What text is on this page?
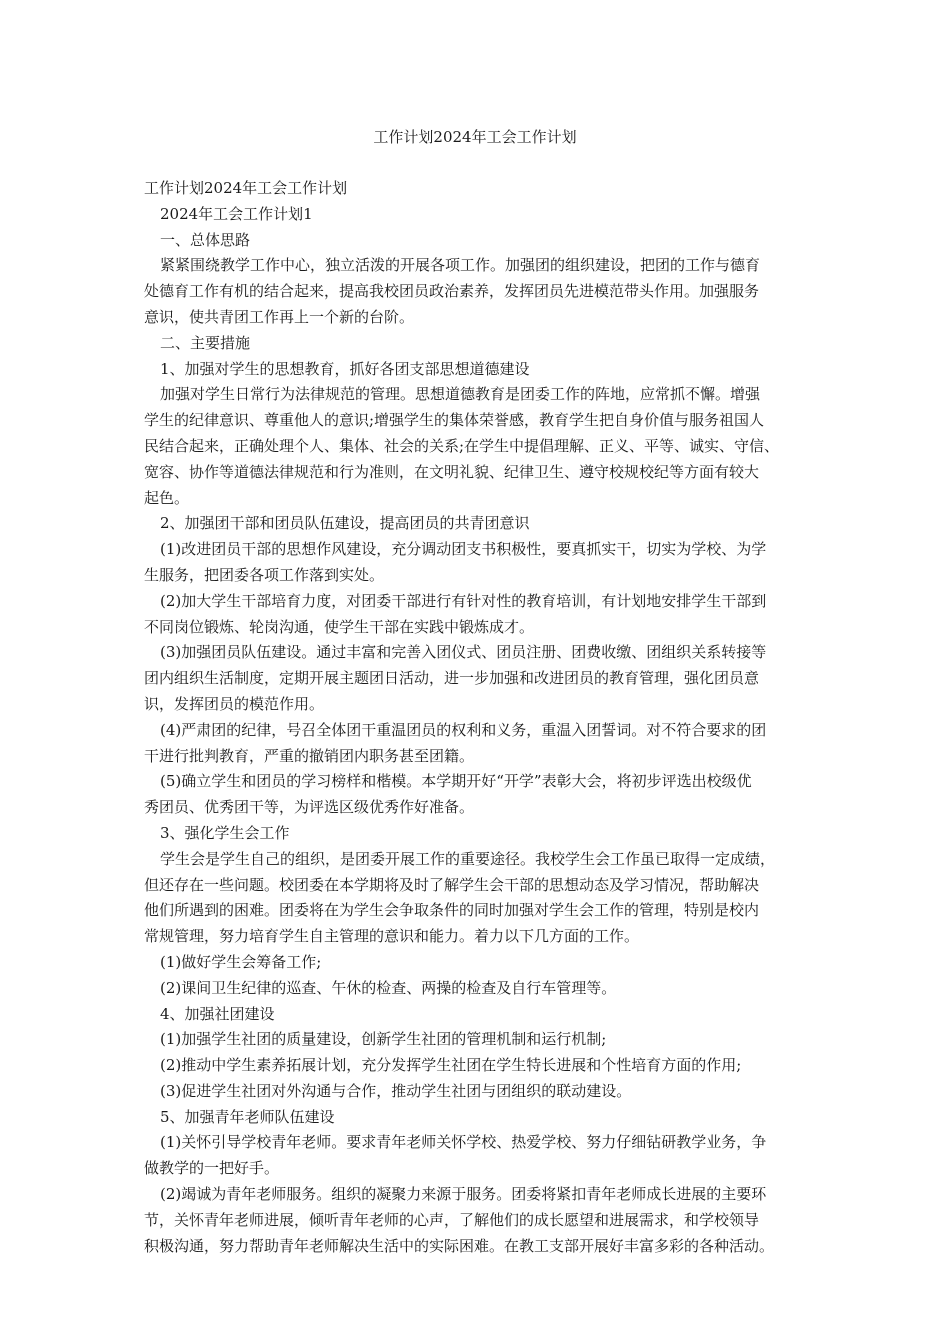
工作计划2024年工会工作计划
工作计划2024年工会工作计划
2024年工会工作计划1
一、总体思路
紧紧围绕教学工作中心，独立活泼的开展各项工作。加强团的组织建设，把团的工作与德育
处德育工作有机的结合起来，提高我校团员政治素养，发挥团员先进模范带头作用。加强服务
意识，使共青团工作再上一个新的台阶。
二、主要措施
1、加强对学生的思想教育，抓好各团支部思想道德建设
加强对学生日常行为法律规范的管理。思想道德教育是团委工作的阵地，应常抓不懈。增强
学生的纪律意识、尊重他人的意识;增强学生的集体荣誉感，教育学生把自身价值与服务祖国人
民结合起来，正确处理个人、集体、社会的关系;在学生中提倡理解、正义、平等、诚实、守信、
宽容、协作等道德法律规范和行为准则，在文明礼貌、纪律卫生、遵守校规校纪等方面有较大
起色。
2、加强团干部和团员队伍建设，提高团员的共青团意识
(1)改进团员干部的思想作风建设，充分调动团支书积极性，要真抓实干，切实为学校、为学
生服务，把团委各项工作落到实处。
(2)加大学生干部培育力度，对团委干部进行有针对性的教育培训，有计划地安排学生干部到
不同岗位锻炼、轮岗沟通，使学生干部在实践中锻炼成才。
(3)加强团员队伍建设。通过丰富和完善入团仪式、团员注册、团费收缴、团组织关系转接等
团内组织生活制度，定期开展主题团日活动，进一步加强和改进团员的教育管理，强化团员意
识，发挥团员的模范作用。
(4)严肃团的纪律，号召全体团干重温团员的权利和义务，重温入团誓词。对不符合要求的团
干进行批判教育，严重的撤销团内职务甚至团籍。
(5)确立学生和团员的学习榜样和楷模。本学期开好“开学”表彰大会，将初步评选出校级优
秀团员、优秀团干等，为评选区级优秀作好准备。
3、强化学生会工作
学生会是学生自己的组织，是团委开展工作的重要途径。我校学生会工作虽已取得一定成绩，
但还存在一些问题。校团委在本学期将及时了解学生会干部的思想动态及学习情况，帮助解决
他们所遇到的困难。团委将在为学生会争取条件的同时加强对学生会工作的管理，特别是校内
常规管理，努力培育学生自主管理的意识和能力。着力以下几方面的工作。
(1)做好学生会筹备工作;
(2)课间卫生纪律的巡查、午休的检查、两操的检查及自行车管理等。
4、加强社团建设
(1)加强学生社团的质量建设，创新学生社团的管理机制和运行机制;
(2)推动中学生素养拓展计划，充分发挥学生社团在学生特长进展和个性培育方面的作用;
(3)促进学生社团对外沟通与合作，推动学生社团与团组织的联动建设。
5、加强青年老师队伍建设
(1)关怀引导学校青年老师。要求青年老师关怀学校、热爱学校、努力仔细钻研教学业务，争
做教学的一把好手。
(2)竭诚为青年老师服务。组织的凝聚力来源于服务。团委将紧扣青年老师成长进展的主要环
节，关怀青年老师进展，倾听青年老师的心声，了解他们的成长愿望和进展需求，和学校领导
积极沟通，努力帮助青年老师解决生活中的实际困难。在教工支部开展好丰富多彩的各种活动。
